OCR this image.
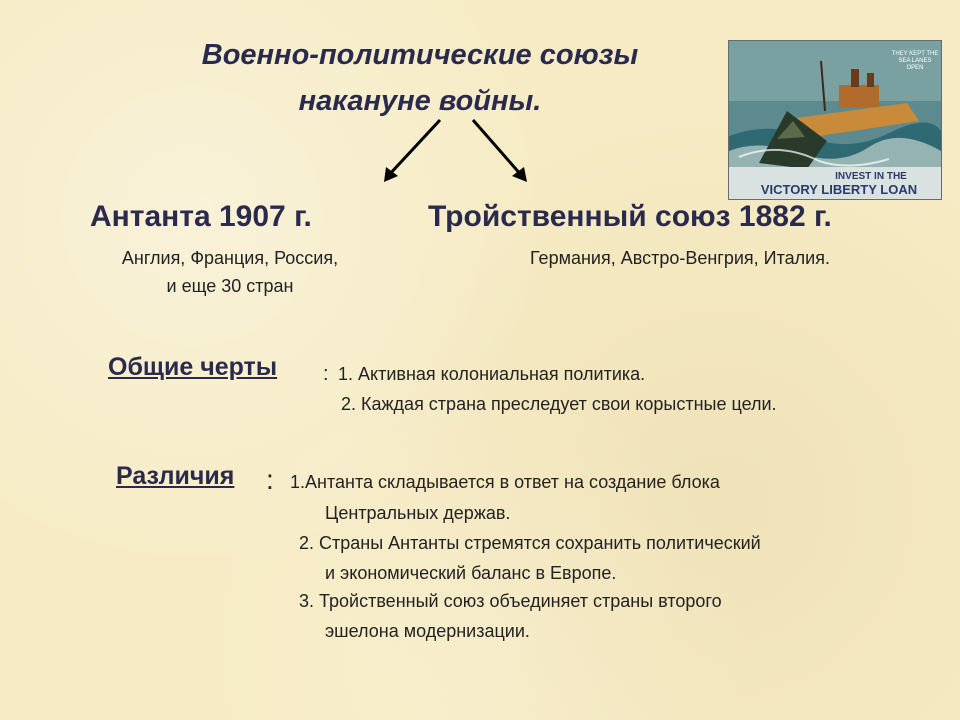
Военно-политические союзы
накануне войны.
THEY KEPT THE
SEA LANES
OPEN
INVEST IN THE
VICTORY LIBERTY LOAN
Антанта 1907 г.
Англия, Франция, Россия,
и еще 30 стран
Тройственный союз 1882 г.
Германия, Австро-Венгрия, Италия.
Общие черты : 1. Активная колониальная политика.
2. Каждая страна преследует свои корыстные цели.
Различия : 1.Антанта складывается в ответ на создание блока
Центральных держав.
2. Страны Антанты стремятся сохранить политический
и экономический баланс в Европе.
3. Тройственный союз объединяет страны второго
эшелона модернизации.
